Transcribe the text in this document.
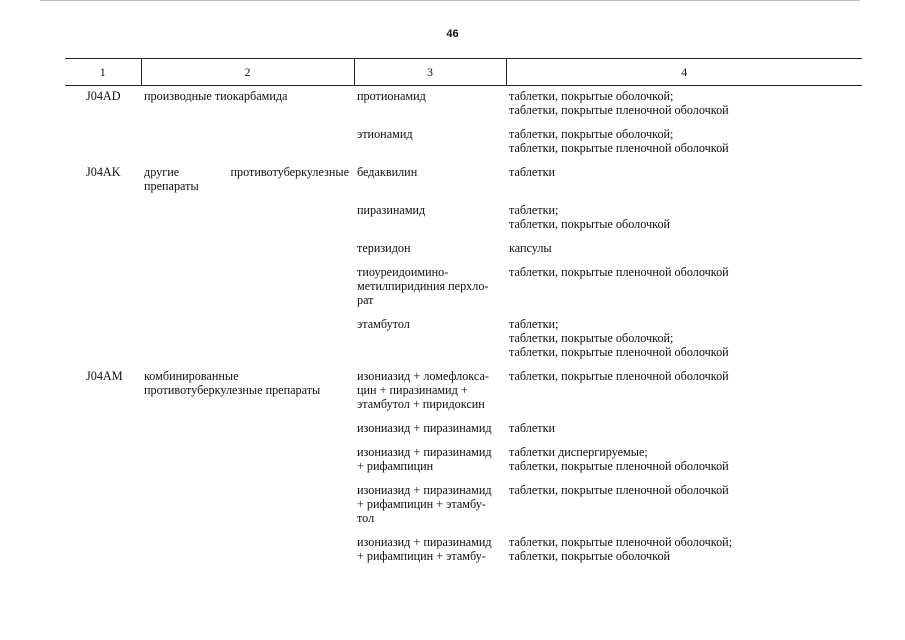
46
1	2	3	4
J04AD	производные тиокарбамида	протионамид	таблетки, покрытые оболочкой;
таблетки, покрытые пленочной оболочкой

		этионамид	таблетки, покрытые оболочкой;
таблетки, покрытые пленочной оболочкой

J04AK	другие противотуберкулезные препараты	бедаквилин	таблетки

		пиразинамид	таблетки;
таблетки, покрытые оболочкой

		теризидон	капсулы

		тиоуреидоимино-
метилпиридиния перхло-
рат	таблетки, покрытые пленочной оболочкой

		этамбутол	таблетки;
таблетки, покрытые оболочкой;
таблетки, покрытые пленочной оболочкой

J04AM	комбинированные противотуберкулезные препараты	изониазид + ломефлокса-
цин + пиразинамид +
этамбутол + пиридоксин	таблетки, покрытые пленочной оболочкой

		изониазид + пиразинамид	таблетки

		изониазид + пиразинамид
+ рифампицин	таблетки диспергируемые;
таблетки, покрытые пленочной оболочкой

		изониазид + пиразинамид
+ рифампицин + этамбу-
тол	таблетки, покрытые пленочной оболочкой

		изониазид + пиразинамид
+ рифампицин + этамбу-	таблетки, покрытые пленочной оболочкой;
таблетки, покрытые оболочкой
